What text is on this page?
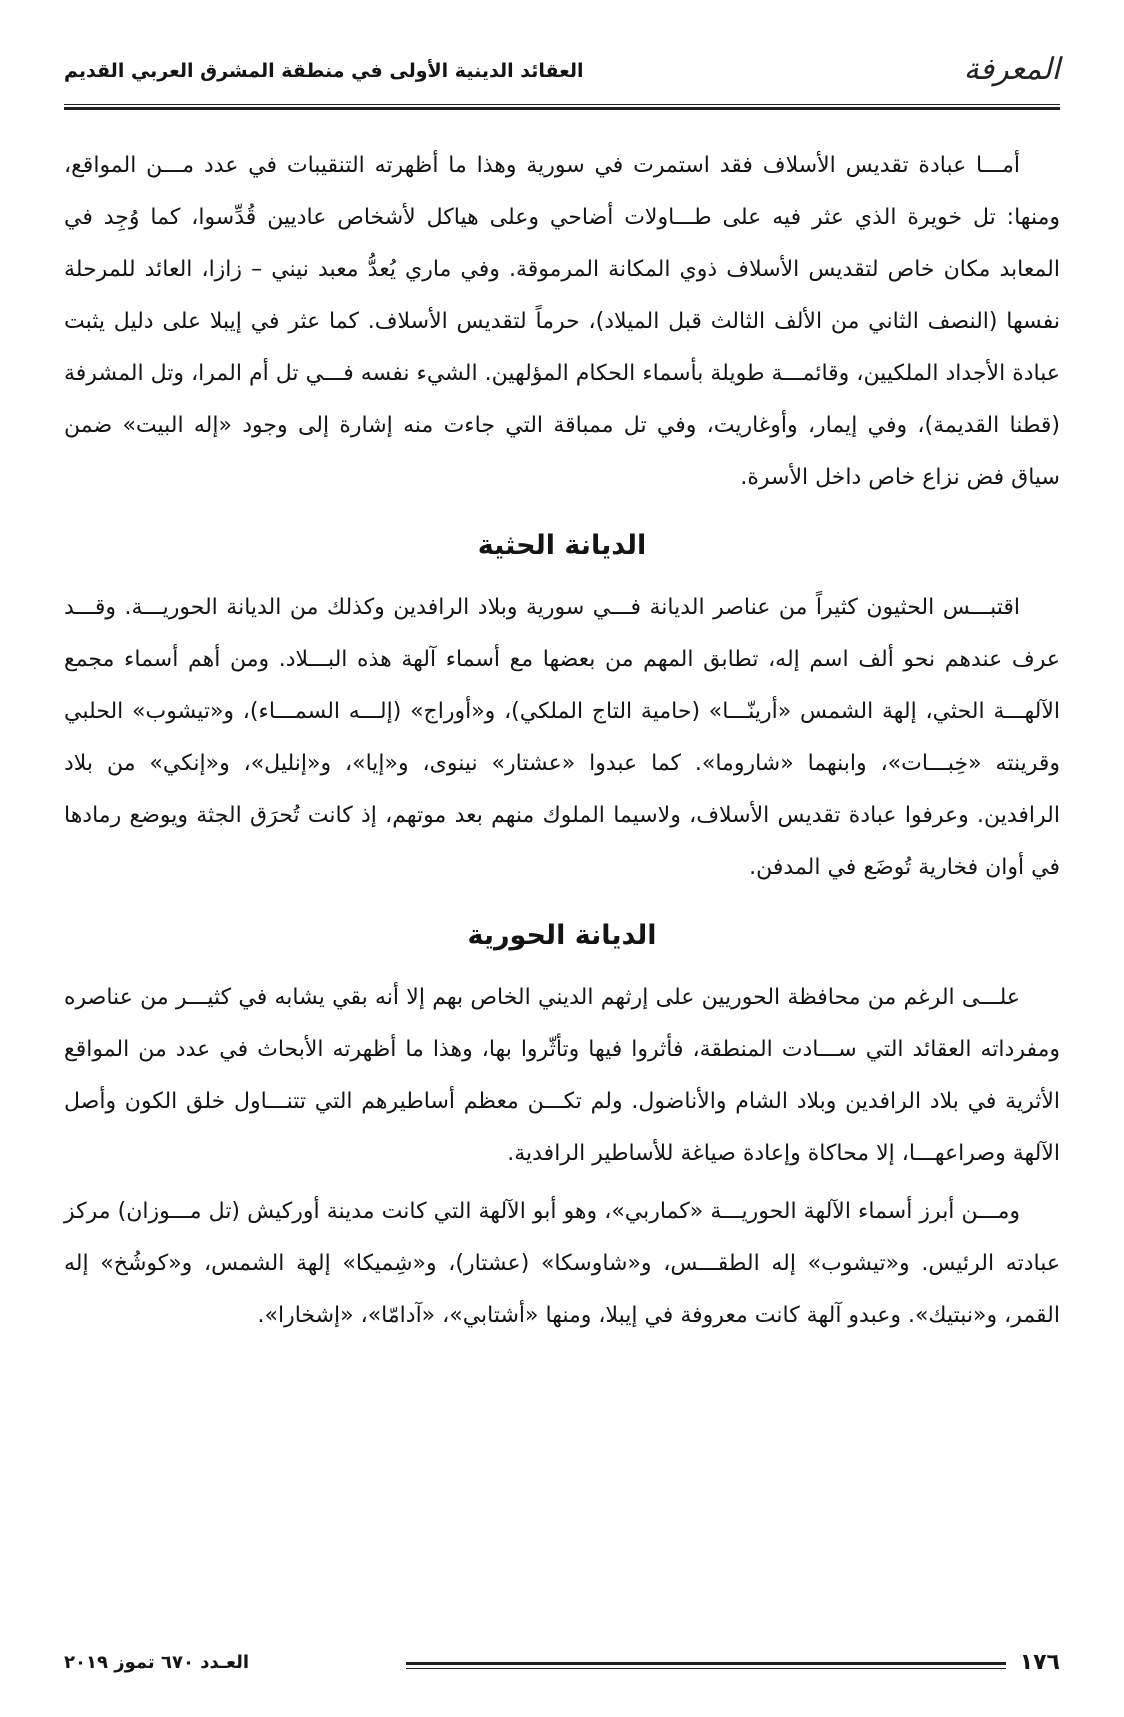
المعرفة
العقائد الدينية الأولى في منطقة المشرق العربي القديم

أمـــا عبادة تقديس الأسلاف فقد استمرت في سورية وهذا ما أظهرته التنقيبات في عدد مـــن المواقع، ومنها: تل خويرة الذي عثر فيه على طـــاولات أضاحي وعلى هياكل لأشخاص عاديين قُدِّسوا، كما وُجِد في المعابد مكان خاص لتقديس الأسلاف ذوي المكانة المرموقة. وفي ماري يُعدُّ معبد نيني – زازا، العائد للمرحلة نفسها (النصف الثاني من الألف الثالث قبل الميلاد)، حرماً لتقديس الأسلاف. كما عثر في إيبلا على دليل يثبت عبادة الأجداد الملكيين، وقائمـــة طويلة بأسماء الحكام المؤلهين. الشيء نفسه فـــي تل أم المرا، وتل المشرفة (قطنا القديمة)، وفي إيمار، وأوغاريت، وفي تل ممباقة التي جاءت منه إشارة إلى وجود «إله البيت» ضمن سياق فض نزاع خاص داخل الأسرة.

الديانة الحثية

اقتبـــس الحثيون كثيراً من عناصر الديانة فـــي سورية وبلاد الرافدين وكذلك من الديانة الحوريـــة. وقـــد عرف عندهم نحو ألف اسم إله، تطابق المهم من بعضها مع أسماء آلهة هذه البـــلاد. ومن أهم أسماء مجمع الآلهـــة الحثي، إلهة الشمس «أرينّـــا» (حامية التاج الملكي)، و«أوراج» (إلـــه السمـــاء)، و«تيشوب» الحلبي وقرينته «خِبـــات»، وابنهما «شاروما». كما عبدوا «عشتار» نينوى، و«إيا»، و«إنليل»، و«إنكي» من بلاد الرافدين. وعرفوا عبادة تقديس الأسلاف، ولاسيما الملوك منهم بعد موتهم، إذ كانت تُحرَق الجثة ويوضع رمادها في أوان فخارية تُوضَع في المدفن.

الديانة الحورية

علـــى الرغم من محافظة الحوريين على إرثهم الديني الخاص بهم إلا أنه بقي يشابه في كثيـــر من عناصره ومفرداته العقائد التي ســـادت المنطقة، فأثروا فيها وتأثّروا بها، وهذا ما أظهرته الأبحاث في عدد من المواقع الأثرية في بلاد الرافدين وبلاد الشام والأناضول. ولم تكـــن معظم أساطيرهم التي تتنـــاول خلق الكون وأصل الآلهة وصراعهـــا، إلا محاكاة وإعادة صياغة للأساطير الرافدية.

ومـــن أبرز أسماء الآلهة الحوريـــة «كماربي»، وهو أبو الآلهة التي كانت مدينة أوركيش (تل مـــوزان) مركز عبادته الرئيس. و«تيشوب» إله الطقـــس، و«شاوسكا» (عشتار)، و«شِميكا» إلهة الشمس، و«كوشُخ» إله القمر، و«نبتيك». وعبدو آلهة كانت معروفة في إيبلا، ومنها «أشتابي»، «آدامّا»، «إشخارا».

١٧٦
العـدد ٦٧٠ تموز ٢٠١٩
